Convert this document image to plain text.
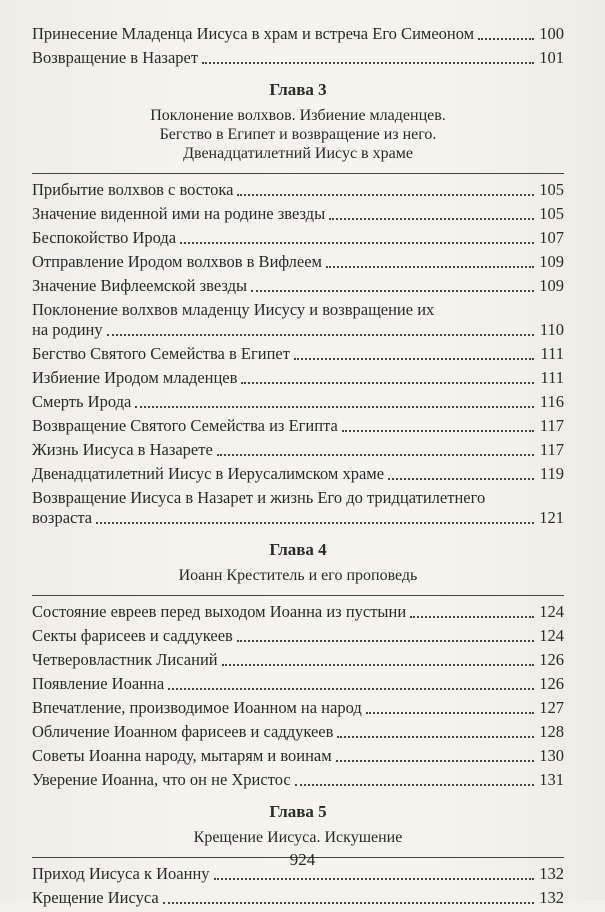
Принесение Младенца Иисуса в храм и встреча Его Симеоном	100
Возвращение в Назарет	101
Глава 3
Поклонение волхвов. Избиение младенцев.
Бегство в Египет и возвращение из него.
Двенадцатилетний Иисус в храме
Прибытие волхвов с востока	105
Значение виденной ими на родине звезды	105
Беспокойство Ирода	107
Отправление Иродом волхвов в Вифлеем	109
Значение Вифлеемской звезды	109
Поклонение волхвов младенцу Иисусу и возвращение их
на родину	110
Бегство Святого Семейства в Египет	111
Избиение Иродом младенцев	111
Смерть Ирода	116
Возвращение Святого Семейства из Египта	117
Жизнь Иисуса в Назарете	117
Двенадцатилетний Иисус в Иерусалимском храме	119
Возвращение Иисуса в Назарет и жизнь Его до тридцатилетнего
возраста	121
Глава 4
Иоанн Креститель и его проповедь
Состояние евреев перед выходом Иоанна из пустыни	124
Секты фарисеев и саддукеев	124
Четверовластник Лисаний	126
Появление Иоанна	126
Впечатление, производимое Иоанном на народ	127
Обличение Иоанном фарисеев и саддукеев	128
Советы Иоанна народу, мытарям и воинам	130
Уверение Иоанна, что он не Христос	131
Глава 5
Крещение Иисуса. Искушение
Приход Иисуса к Иоанну	132
Крещение Иисуса	132
924
